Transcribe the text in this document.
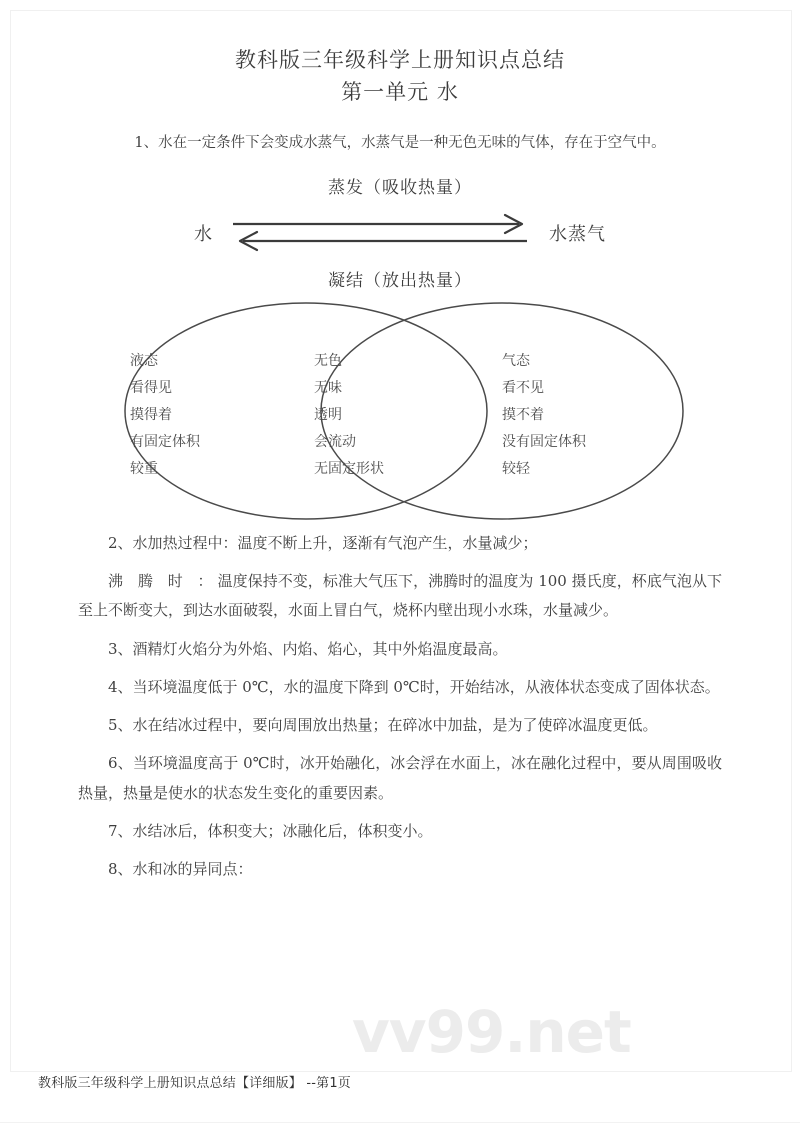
vv99.net
教科版三年级科学上册知识点总结
第一单元 水

1、水在一定条件下会变成水蒸气，水蒸气是一种无色无味的气体，存在于空气中。

蒸发（吸收热量）
水	水蒸气
凝结（放出热量）
液态
看得见
摸得着
有固定体积
较重
无色
无味
透明
会流动
无固定形状
气态
看不见
摸不着
没有固定体积
较轻

2、水加热过程中：温度不断上升，逐渐有气泡产生，水量减少；

沸 腾 时 ：温度保持不变，标准大气压下，沸腾时的温度为 100 摄氏度，杯底气泡从下至上不断变大，到达水面破裂，水面上冒白气，烧杯内壁出现小水珠，水量减少。

3、酒精灯火焰分为外焰、内焰、焰心，其中外焰温度最高。

4、当环境温度低于 0℃，水的温度下降到 0℃时，开始结冰，从液体状态变成了固体状态。

5、水在结冰过程中，要向周围放出热量；在碎冰中加盐，是为了使碎冰温度更低。

6、当环境温度高于 0℃时，冰开始融化，冰会浮在水面上，冰在融化过程中，要从周围吸收热量，热量是使水的状态发生变化的重要因素。

7、水结冰后，体积变大；冰融化后，体积变小。

8、水和冰的异同点：

教科版三年级科学上册知识点总结【详细版】 --第1页
